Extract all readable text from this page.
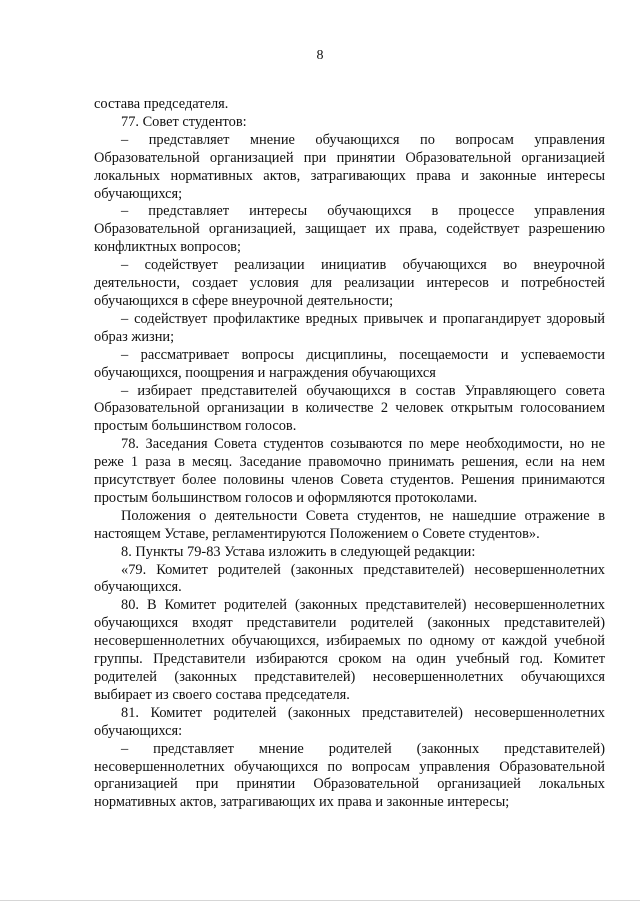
8

состава председателя.

77. Совет студентов:

– представляет мнение обучающихся по вопросам управления Образовательной организацией при принятии Образовательной организацией локальных нормативных актов, затрагивающих права и законные интересы обучающихся;

– представляет интересы обучающихся в процессе управления Образовательной организацией, защищает их права, содействует разрешению конфликтных вопросов;

– содействует реализации инициатив обучающихся во внеурочной деятельности, создает условия для реализации интересов и потребностей обучающихся в сфере внеурочной деятельности;

– содействует профилактике вредных привычек и пропагандирует здоровый образ жизни;

– рассматривает вопросы дисциплины, посещаемости и успеваемости обучающихся, поощрения и награждения обучающихся

– избирает представителей обучающихся в состав Управляющего совета Образовательной организации в количестве 2 человек открытым голосованием простым большинством голосов.

78. Заседания Совета студентов созываются по мере необходимости, но не реже 1 раза в месяц. Заседание правомочно принимать решения, если на нем присутствует более половины членов Совета студентов. Решения принимаются простым большинством голосов и оформляются протоколами.

Положения о деятельности Совета студентов, не нашедшие отражение в настоящем Уставе, регламентируются Положением о Совете студентов».

8. Пункты 79-83 Устава изложить в следующей редакции:

«79. Комитет родителей (законных представителей) несовершеннолетних обучающихся.

80. В Комитет родителей (законных представителей) несовершеннолетних обучающихся входят представители родителей (законных представителей) несовершеннолетних обучающихся, избираемых по одному от каждой учебной группы. Представители избираются сроком на один учебный год. Комитет родителей (законных представителей) несовершеннолетних обучающихся выбирает из своего состава председателя.

81. Комитет родителей (законных представителей) несовершеннолетних обучающихся:

– представляет мнение родителей (законных представителей) несовершеннолетних обучающихся по вопросам управления Образовательной организацией при принятии Образовательной организацией локальных нормативных актов, затрагивающих их права и законные интересы;
